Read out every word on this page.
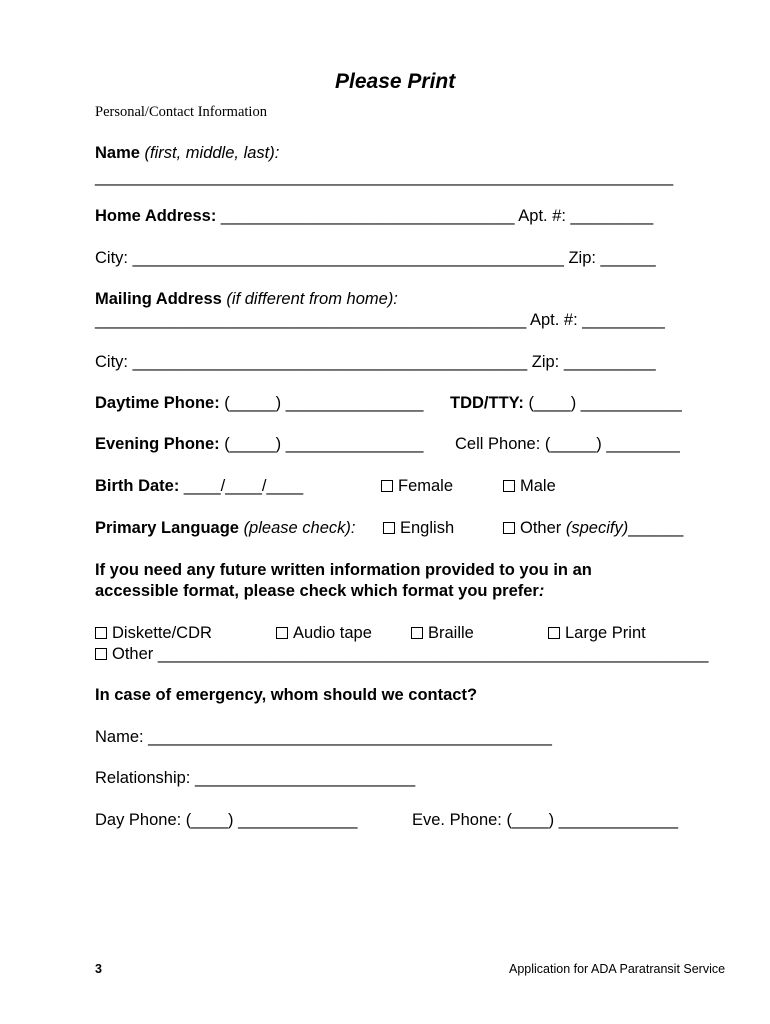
Please Print
Personal/Contact Information
Name (first, middle, last):
_______________________________________________________________
Home Address: ________________________________ Apt. #: _________
City: _______________________________________________ Zip: ______
Mailing Address (if different from home):
_______________________________________________ Apt. #: _________
City: ___________________________________________ Zip: __________
Daytime Phone: (_____) _______________ TDD/TTY: (____) ___________
Evening Phone: (_____) _______________ Cell Phone: (_____) ________
Birth Date: ____/____/____	Female	Male
Primary Language (please check):	English	Other (specify)______
If you need any future written information provided to you in an
accessible format, please check which format you prefer:
Diskette/CDR	Audio tape	Braille	Large Print
Other ____________________________________________________________
In case of emergency, whom should we contact?
Name: ____________________________________________
Relationship: ________________________
Day Phone: (____) _____________	Eve. Phone: (____) _____________
3	Application for ADA Paratransit Service
